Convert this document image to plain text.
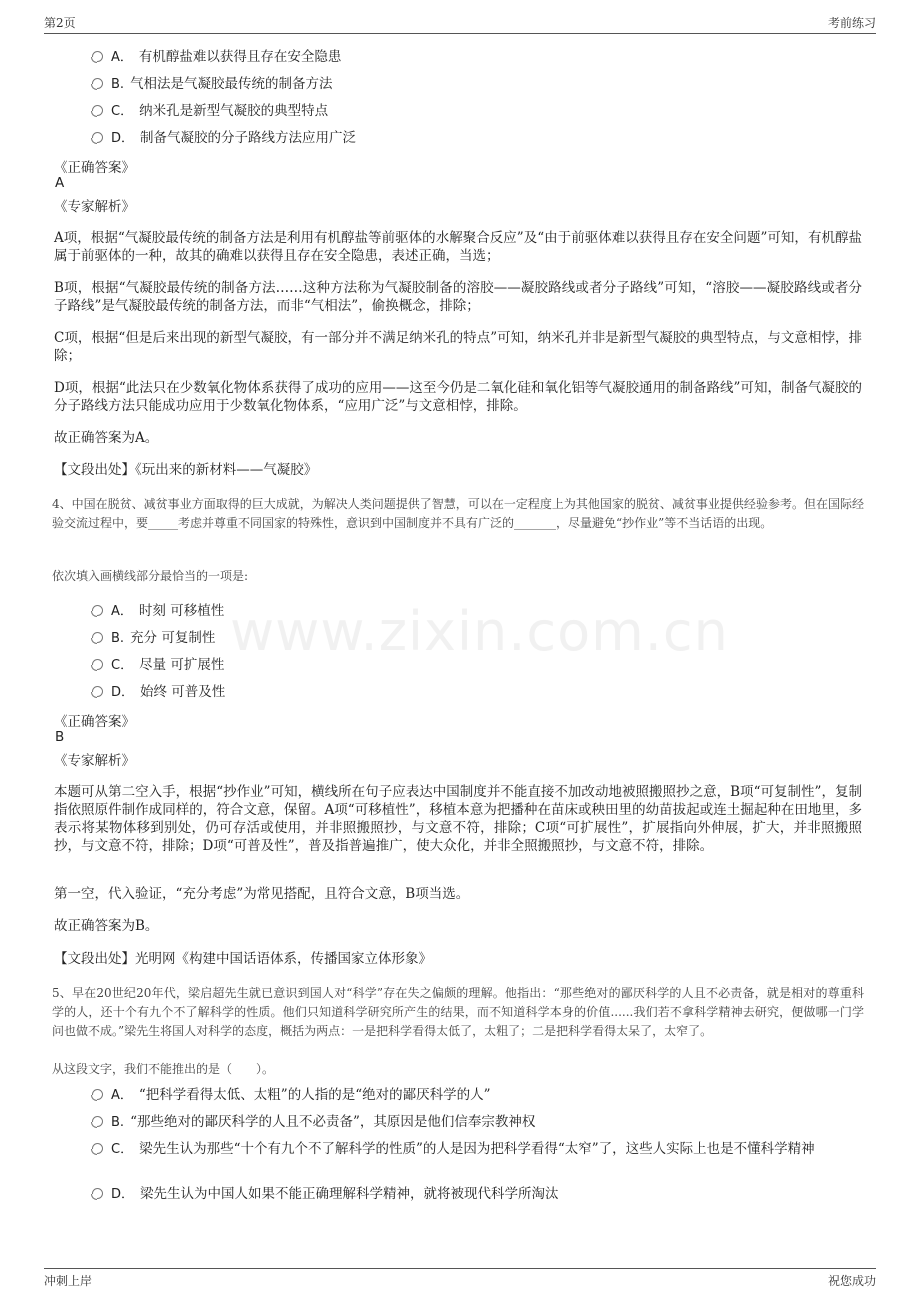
第2页	考前练习
www.zixin.com.cn
A． 有机醇盐难以获得且存在安全隐患
B. 气相法是气凝胶最传统的制备方法
C． 纳米孔是新型气凝胶的典型特点
D． 制备气凝胶的分子路线方法应用广泛
《正确答案》
A
《专家解析》
A项，根据“气凝胶最传统的制备方法是利用有机醇盐等前驱体的水解聚合反应”及“由于前驱体难以获得且存在安全问题”可知，有机醇盐属于前驱体的一种，故其的确难以获得且存在安全隐患，表述正确，当选；
B项，根据“气凝胶最传统的制备方法……这种方法称为气凝胶制备的溶胶——凝胶路线或者分子路线”可知，“溶胶——凝胶路线或者分子路线”是气凝胶最传统的制备方法，而非“气相法”，偷换概念，排除；
C项，根据“但是后来出现的新型气凝胶，有一部分并不满足纳米孔的特点”可知，纳米孔并非是新型气凝胶的典型特点，与文意相悖，排除；
D项，根据“此法只在少数氧化物体系获得了成功的应用——这至今仍是二氧化硅和氧化铝等气凝胶通用的制备路线”可知，制备气凝胶的分子路线方法只能成功应用于少数氧化物体系，“应用广泛”与文意相悖，排除。
故正确答案为A。
【文段出处】《玩出来的新材料——气凝胶》
4、中国在脱贫、减贫事业方面取得的巨大成就，为解决人类问题提供了智慧，可以在一定程度上为其他国家的脱贫、减贫事业提供经验参考。但在国际经验交流过程中，要_____考虑并尊重不同国家的特殊性，意识到中国制度并不具有广泛的_______，尽量避免“抄作业”等不当话语的出现。
依次填入画横线部分最恰当的一项是:
A． 时刻 可移植性
B. 充分 可复制性
C． 尽量 可扩展性
D． 始终 可普及性
《正确答案》
B
《专家解析》
本题可从第二空入手，根据“抄作业”可知，横线所在句子应表达中国制度并不能直接不加改动地被照搬照抄之意，B项“可复制性”，复制指依照原件制作成同样的，符合文意，保留。A项“可移植性”，移植本意为把播种在苗床或秧田里的幼苗拔起或连土掘起种在田地里，多表示将某物体移到别处，仍可存活或使用，并非照搬照抄，与文意不符，排除；C项“可扩展性”，扩展指向外伸展，扩大，并非照搬照抄，与文意不符，排除；D项“可普及性”，普及指普遍推广，使大众化，并非全照搬照抄，与文意不符，排除。
第一空，代入验证，“充分考虑”为常见搭配，且符合文意，B项当选。
故正确答案为B。
【文段出处】光明网《构建中国话语体系，传播国家立体形象》
5、早在20世纪20年代，梁启超先生就已意识到国人对“科学”存在失之偏颇的理解。他指出：“那些绝对的鄙厌科学的人且不必责备，就是相对的尊重科学的人，还十个有九个不了解科学的性质。他们只知道科学研究所产生的结果，而不知道科学本身的价值......我们若不拿科学精神去研究，便做哪一门学问也做不成。”梁先生将国人对科学的态度，概括为两点：一是把科学看得太低了，太粗了；二是把科学看得太呆了，太窄了。
从这段文字，我们不能推出的是（　　）。
A． “把科学看得太低、太粗”的人指的是“绝对的鄙厌科学的人”
B. “那些绝对的鄙厌科学的人且不必责备”，其原因是他们信奉宗教神权
C． 梁先生认为那些“十个有九个不了解科学的性质”的人是因为把科学看得“太窄”了，这些人实际上也是不懂科学精神
D． 梁先生认为中国人如果不能正确理解科学精神，就将被现代科学所淘汰
冲刺上岸	祝您成功
